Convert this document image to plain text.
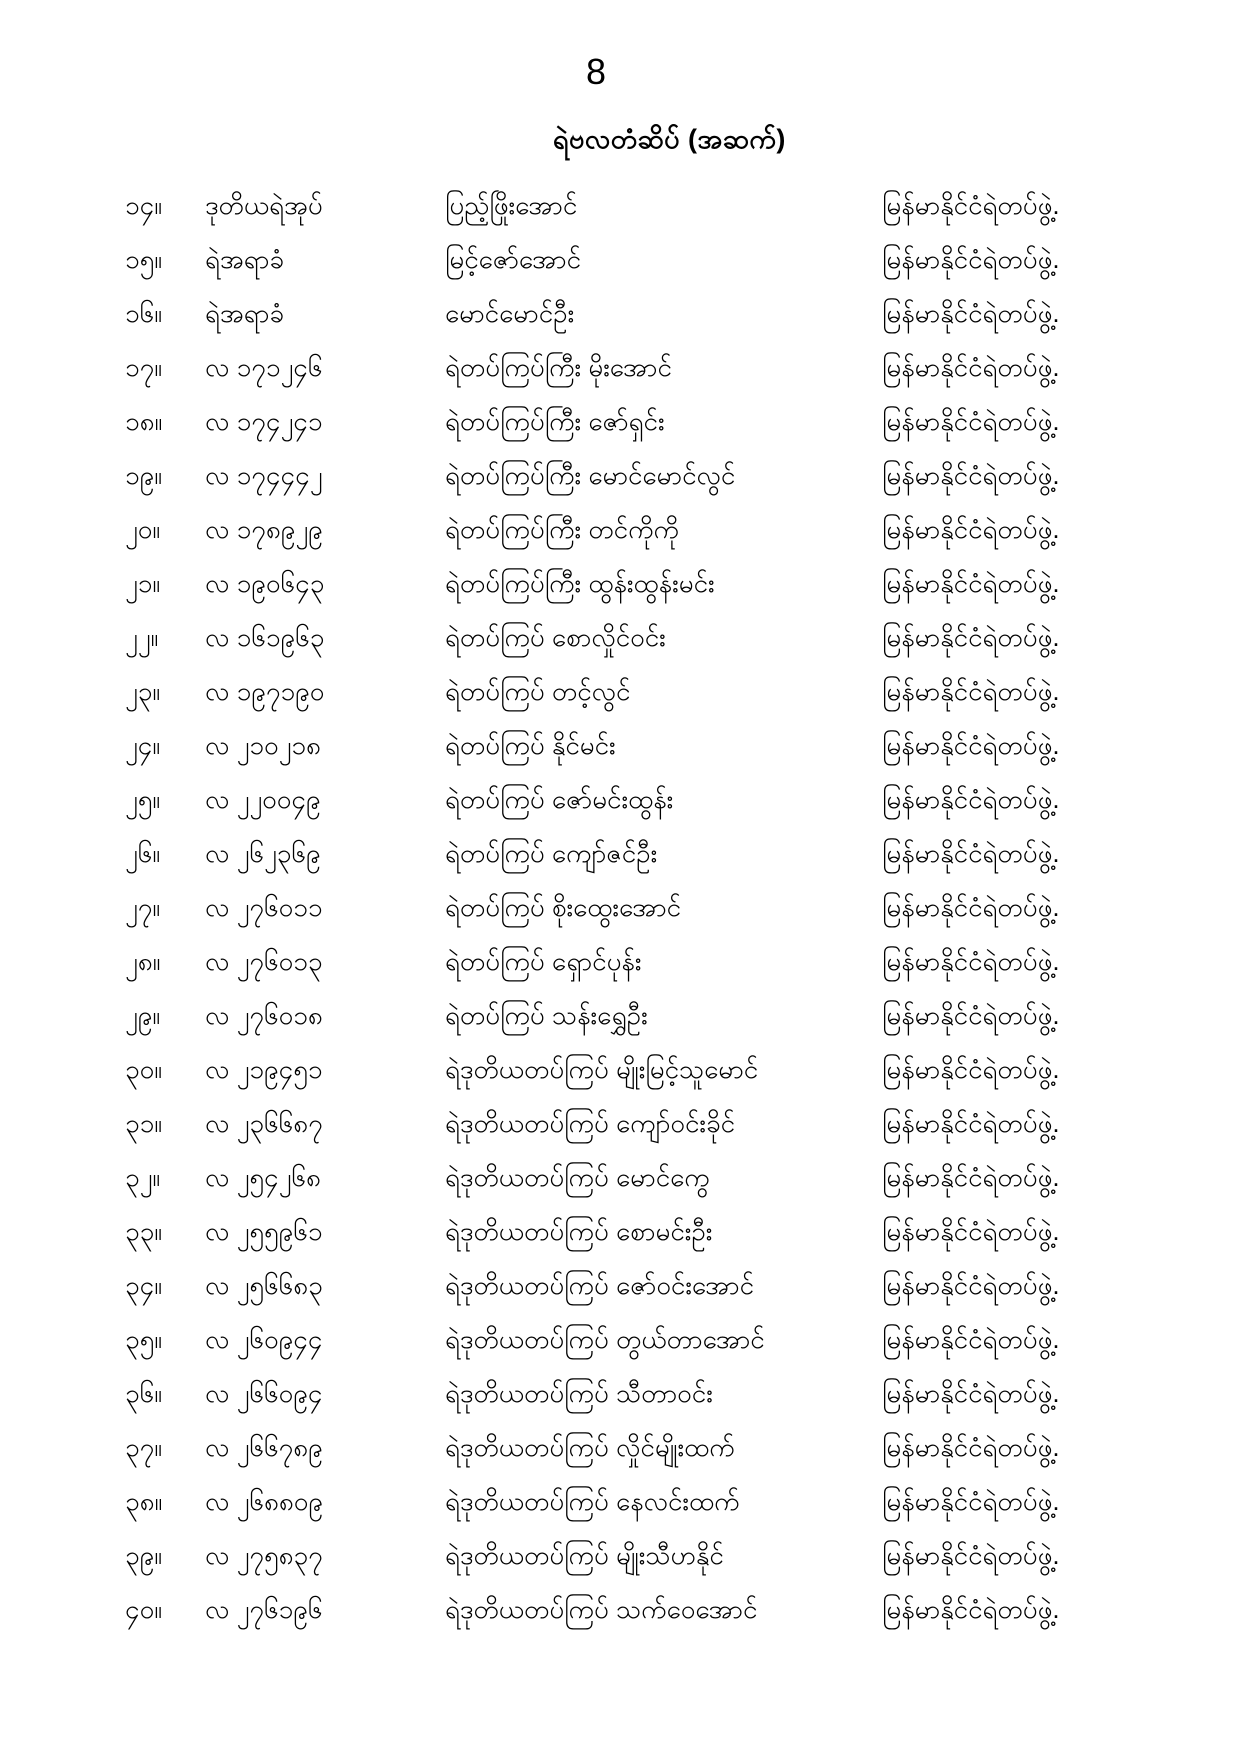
8
ရဲဗလတံဆိပ် (အဆက်)
၁၄။	ဒုတိယရဲအုပ်	ပြည့်ဖြိုးအောင်	မြန်မာနိုင်ငံရဲတပ်ဖွဲ့.
၁၅။	ရဲအရာခံ	မြင့်ဇော်အောင်	မြန်မာနိုင်ငံရဲတပ်ဖွဲ့.
၁၆။	ရဲအရာခံ	မောင်မောင်ဦး	မြန်မာနိုင်ငံရဲတပ်ဖွဲ့.
၁၇။	လ ၁၇၁၂၄၆	ရဲတပ်ကြပ်ကြီး မိုးအောင်	မြန်မာနိုင်ငံရဲတပ်ဖွဲ့.
၁၈။	လ ၁၇၄၂၄၁	ရဲတပ်ကြပ်ကြီး ဇော်ရှင်း	မြန်မာနိုင်ငံရဲတပ်ဖွဲ့.
၁၉။	လ ၁၇၄၄၄၂	ရဲတပ်ကြပ်ကြီး မောင်မောင်လွင်	မြန်မာနိုင်ငံရဲတပ်ဖွဲ့.
၂၀။	လ ၁၇၈၉၂၉	ရဲတပ်ကြပ်ကြီး တင်ကိုကို	မြန်မာနိုင်ငံရဲတပ်ဖွဲ့.
၂၁။	လ ၁၉၀၆၄၃	ရဲတပ်ကြပ်ကြီး ထွန်းထွန်းမင်း	မြန်မာနိုင်ငံရဲတပ်ဖွဲ့.
၂၂။	လ ၁၆၁၉၆၃	ရဲတပ်ကြပ် စောလှိုင်ဝင်း	မြန်မာနိုင်ငံရဲတပ်ဖွဲ့.
၂၃။	လ ၁၉၇၁၉၀	ရဲတပ်ကြပ် တင့်လွင်	မြန်မာနိုင်ငံရဲတပ်ဖွဲ့.
၂၄။	လ ၂၁၀၂၁၈	ရဲတပ်ကြပ် နိုင်မင်း	မြန်မာနိုင်ငံရဲတပ်ဖွဲ့.
၂၅။	လ ၂၂၀၀၄၉	ရဲတပ်ကြပ် ဇော်မင်းထွန်း	မြန်မာနိုင်ငံရဲတပ်ဖွဲ့.
၂၆။	လ ၂၆၂၃၆၉	ရဲတပ်ကြပ် ကျော်ဇင်ဦး	မြန်မာနိုင်ငံရဲတပ်ဖွဲ့.
၂၇။	လ ၂၇၆၀၁၁	ရဲတပ်ကြပ် စိုးထွေးအောင်	မြန်မာနိုင်ငံရဲတပ်ဖွဲ့.
၂၈။	လ ၂၇၆၀၁၃	ရဲတပ်ကြပ် ရှောင်ပုန်း	မြန်မာနိုင်ငံရဲတပ်ဖွဲ့.
၂၉။	လ ၂၇၆၀၁၈	ရဲတပ်ကြပ် သန်းရွှေဦး	မြန်မာနိုင်ငံရဲတပ်ဖွဲ့.
၃၀။	လ ၂၁၉၄၅၁	ရဲဒုတိယတပ်ကြပ် မျိုးမြင့်သူမောင်	မြန်မာနိုင်ငံရဲတပ်ဖွဲ့.
၃၁။	လ ၂၃၆၆၈၇	ရဲဒုတိယတပ်ကြပ် ကျော်ဝင်းခိုင်	မြန်မာနိုင်ငံရဲတပ်ဖွဲ့.
၃၂။	လ ၂၅၄၂၆၈	ရဲဒုတိယတပ်ကြပ် မောင်ကွေ	မြန်မာနိုင်ငံရဲတပ်ဖွဲ့.
၃၃။	လ ၂၅၅၉၆၁	ရဲဒုတိယတပ်ကြပ် စောမင်းဦး	မြန်မာနိုင်ငံရဲတပ်ဖွဲ့.
၃၄။	လ ၂၅၆၆၈၃	ရဲဒုတိယတပ်ကြပ် ဇော်ဝင်းအောင်	မြန်မာနိုင်ငံရဲတပ်ဖွဲ့.
၃၅။	လ ၂၆၀၉၄၄	ရဲဒုတိယတပ်ကြပ် တွယ်တာအောင်	မြန်မာနိုင်ငံရဲတပ်ဖွဲ့.
၃၆။	လ ၂၆၆၀၉၄	ရဲဒုတိယတပ်ကြပ် သီတာဝင်း	မြန်မာနိုင်ငံရဲတပ်ဖွဲ့.
၃၇။	လ ၂၆၆၇၈၉	ရဲဒုတိယတပ်ကြပ် လှိုင်မျိုးထက်	မြန်မာနိုင်ငံရဲတပ်ဖွဲ့.
၃၈။	လ ၂၆၈၈၀၉	ရဲဒုတိယတပ်ကြပ် နေလင်းထက်	မြန်မာနိုင်ငံရဲတပ်ဖွဲ့.
၃၉။	လ ၂၇၅၈၃၇	ရဲဒုတိယတပ်ကြပ် မျိုးသီဟနိုင်	မြန်မာနိုင်ငံရဲတပ်ဖွဲ့.
၄၀။	လ ၂၇၆၁၉၆	ရဲဒုတိယတပ်ကြပ် သက်ဝေအောင်	မြန်မာနိုင်ငံရဲတပ်ဖွဲ့.
